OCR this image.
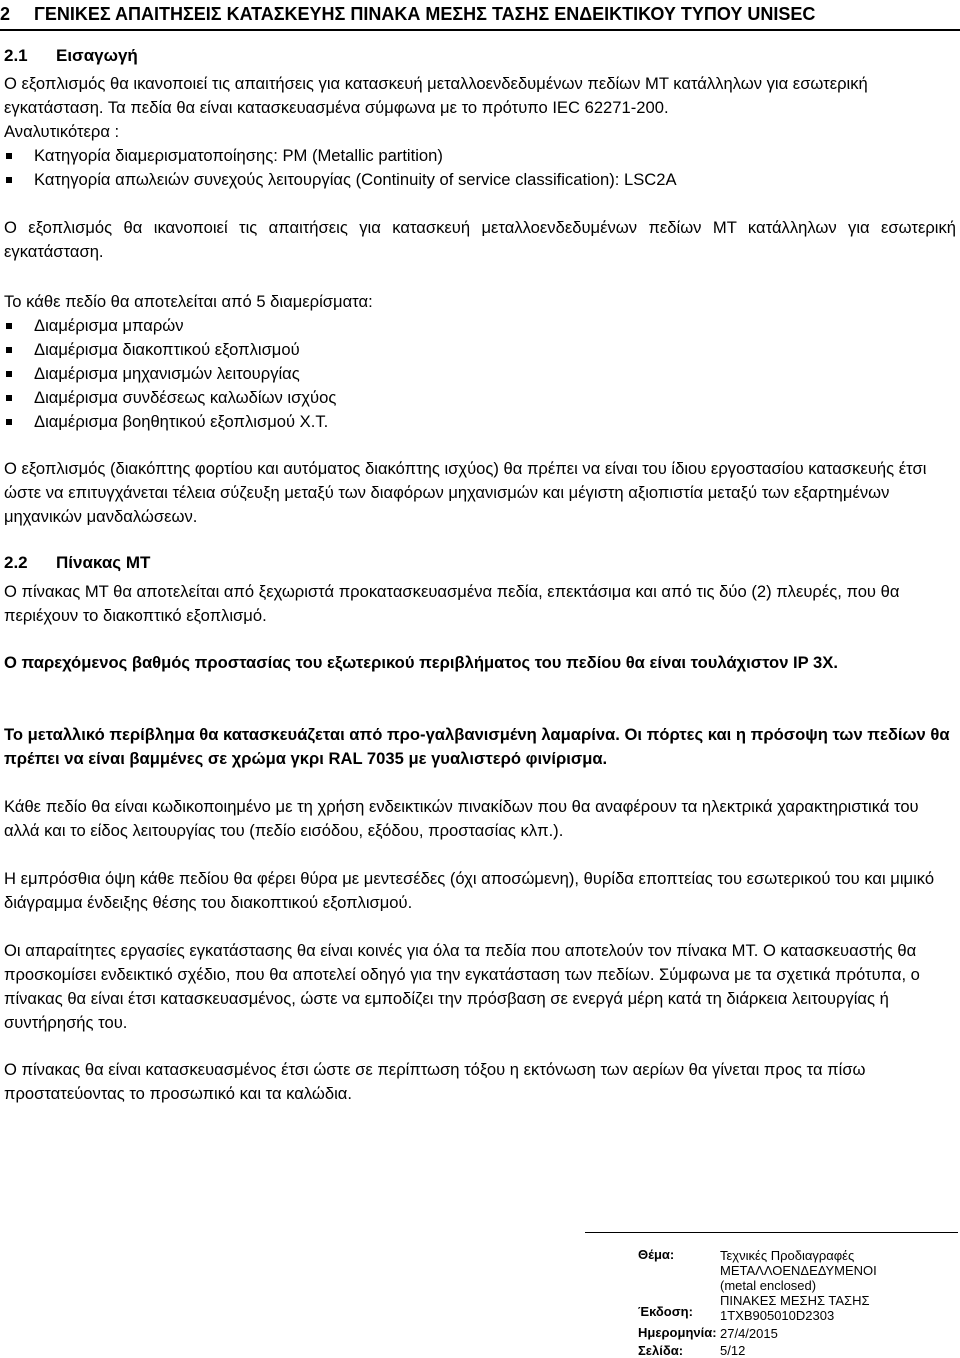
2 ΓΕΝΙΚΕΣ ΑΠΑΙΤΗΣΕΙΣ ΚΑΤΑΣΚΕΥΗΣ ΠΙΝΑΚΑ ΜΕΣΗΣ ΤΑΣΗΣ ΕΝΔΕΙΚΤΙΚΟΥ ΤΥΠΟΥ UNISEC
2.1 Εισαγωγή
Ο εξοπλισμός θα ικανοποιεί τις απαιτήσεις για κατασκευή μεταλλοενδεδυμένων πεδίων ΜΤ κατάλληλων για εσωτερική εγκατάσταση. Τα πεδία θα είναι κατασκευασμένα σύμφωνα με το πρότυπο IEC 62271-200.
Αναλυτικότερα :
Κατηγορία διαμερισματοποίησης: PM (Metallic partition)
Κατηγορία απωλειών συνεχούς λειτουργίας (Continuity of service classification): LSC2A
Ο εξοπλισμός θα ικανοποιεί τις απαιτήσεις για κατασκευή μεταλλοενδεδυμένων πεδίων ΜΤ κατάλληλων για εσωτερική εγκατάσταση.
Το κάθε πεδίο θα αποτελείται από 5 διαμερίσματα:
Διαμέρισμα μπαρών
Διαμέρισμα διακοπτικού εξοπλισμού
Διαμέρισμα μηχανισμών λειτουργίας
Διαμέρισμα συνδέσεως καλωδίων ισχύος
Διαμέρισμα βοηθητικού εξοπλισμού Χ.Τ.
Ο εξοπλισμός (διακόπτης φορτίου και αυτόματος διακόπτης ισχύος) θα πρέπει να είναι του ίδιου εργοστασίου κατασκευής έτσι ώστε να επιτυγχάνεται τέλεια σύζευξη μεταξύ των διαφόρων μηχανισμών και μέγιστη αξιοπιστία μεταξύ των εξαρτημένων μηχανικών μανδαλώσεων.
2.2 Πίνακας ΜΤ
Ο πίνακας ΜΤ θα αποτελείται από ξεχωριστά προκατασκευασμένα πεδία, επεκτάσιμα και από τις δύο (2) πλευρές, που θα περιέχουν το διακοπτικό εξοπλισμό.
Ο παρεχόμενος βαθμός προστασίας του εξωτερικού περιβλήματος του πεδίου θα είναι τουλάχιστον IP 3X.
Το μεταλλικό περίβλημα θα κατασκευάζεται από προ-γαλβανισμένη λαμαρίνα. Οι πόρτες και η πρόσοψη των πεδίων θα πρέπει να είναι βαμμένες σε χρώμα γκρι RAL 7035 με γυαλιστερό φινίρισμα.
Κάθε πεδίο θα είναι κωδικοποιημένο με τη χρήση ενδεικτικών πινακίδων που θα αναφέρουν τα ηλεκτρικά χαρακτηριστικά του αλλά και το είδος λειτουργίας του (πεδίο εισόδου, εξόδου, προστασίας κλπ.).
Η εμπρόσθια όψη κάθε πεδίου θα φέρει θύρα με μεντεσέδες (όχι αποσώμενη), θυρίδα εποπτείας του εσωτερικού του και μιμικό διάγραμμα ένδειξης θέσης του διακοπτικού εξοπλισμού.
Οι απαραίτητες εργασίες εγκατάστασης θα είναι κοινές για όλα τα πεδία που αποτελούν τον πίνακα ΜΤ. Ο κατασκευαστής θα προσκομίσει ενδεικτικό σχέδιο, που θα αποτελεί οδηγό για την εγκατάσταση των πεδίων. Σύμφωνα με τα σχετικά πρότυπα, ο πίνακας θα είναι έτσι κατασκευασμένος, ώστε να εμποδίζει την πρόσβαση σε ενεργά μέρη κατά τη διάρκεια λειτουργίας ή συντήρησής του.
Ο πίνακας θα είναι κατασκευασμένος έτσι ώστε σε περίπτωση τόξου η εκτόνωση των αερίων θα γίνεται προς τα πίσω προστατεύοντας το προσωπικό και τα καλώδια.
Θέμα:	Τεχνικές Προδιαγραφές
ΜΕΤΑΛΛΟΕΝΔΕΔΥΜΕΝΟΙ
(metal enclosed)
ΠΙΝΑΚΕΣ ΜΕΣΗΣ ΤΑΣΗΣ
Έκδοση: 1TXB905010D2303
Ημερομηνία: 27/4/2015
Σελίδα:	5/12
